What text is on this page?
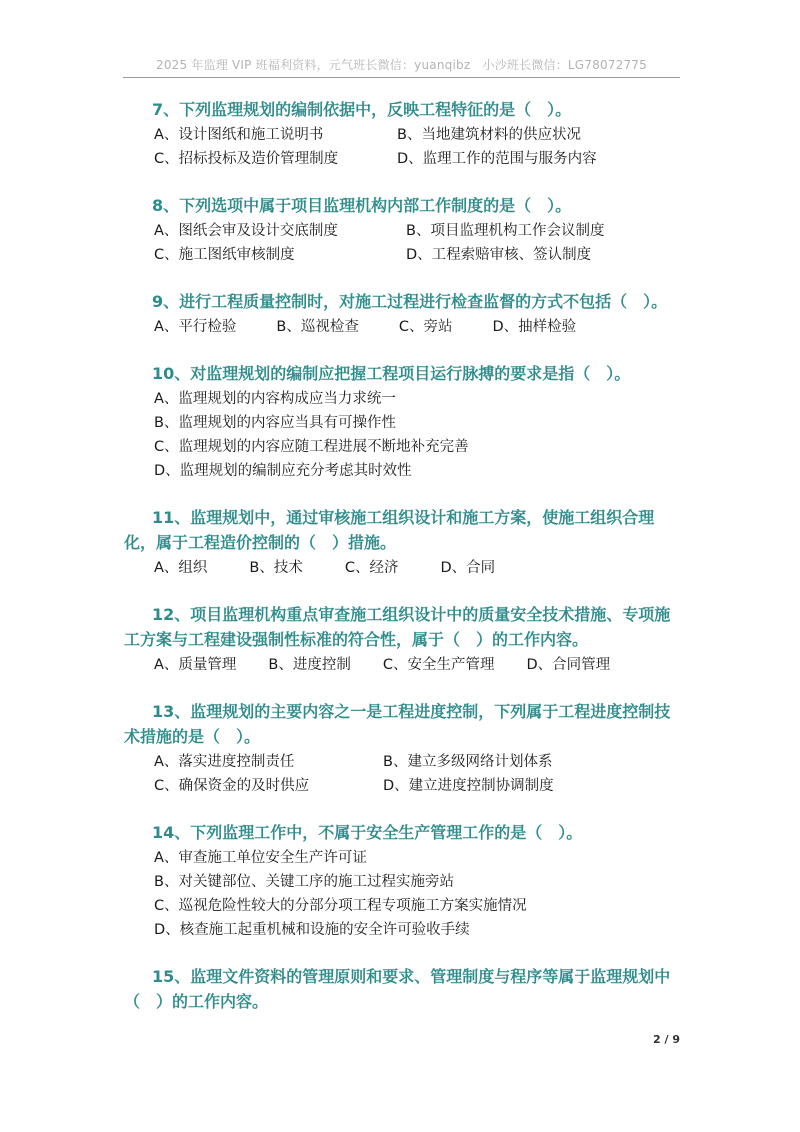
2025 年监理 VIP 班福利资料，元气班长微信：yuanqibz　小沙班长微信：LG78072775

7、下列监理规划的编制依据中，反映工程特征的是（　）。

A、设计图纸和施工说明书	B、当地建筑材料的供应状况
C、招标投标及造价管理制度	D、监理工作的范围与服务内容

8、下列选项中属于项目监理机构内部工作制度的是（　）。

A、图纸会审及设计交底制度	B、项目监理机构工作会议制度
C、施工图纸审核制度	D、工程索赔审核、签认制度

9、进行工程质量控制时，对施工过程进行检查监督的方式不包括（　）。

A、平行检验	B、巡视检查	C、旁站	D、抽样检验

10、对监理规划的编制应把握工程项目运行脉搏的要求是指（　）。

A、监理规划的内容构成应当力求统一
B、监理规划的内容应当具有可操作性
C、监理规划的内容应随工程进展不断地补充完善
D、监理规划的编制应充分考虑其时效性

11、监理规划中，通过审核施工组织设计和施工方案，使施工组织合理化，属于工程造价控制的（　）措施。

A、组织	B、技术	C、经济	D、合同

12、项目监理机构重点审查施工组织设计中的质量安全技术措施、专项施工方案与工程建设强制性标准的符合性，属于（　）的工作内容。

A、质量管理 B、进度控制 C、安全生产管理 D、合同管理

13、监理规划的主要内容之一是工程进度控制，下列属于工程进度控制技术措施的是（　）。

A、落实进度控制责任	B、建立多级网络计划体系
C、确保资金的及时供应	D、建立进度控制协调制度

14、下列监理工作中，不属于安全生产管理工作的是（　）。

A、审查施工单位安全生产许可证
B、对关键部位、关键工序的施工过程实施旁站
C、巡视危险性较大的分部分项工程专项施工方案实施情况
D、核查施工起重机械和设施的安全许可验收手续

15、监理文件资料的管理原则和要求、管理制度与程序等属于监理规划中（　）的工作内容。

2 / 9
